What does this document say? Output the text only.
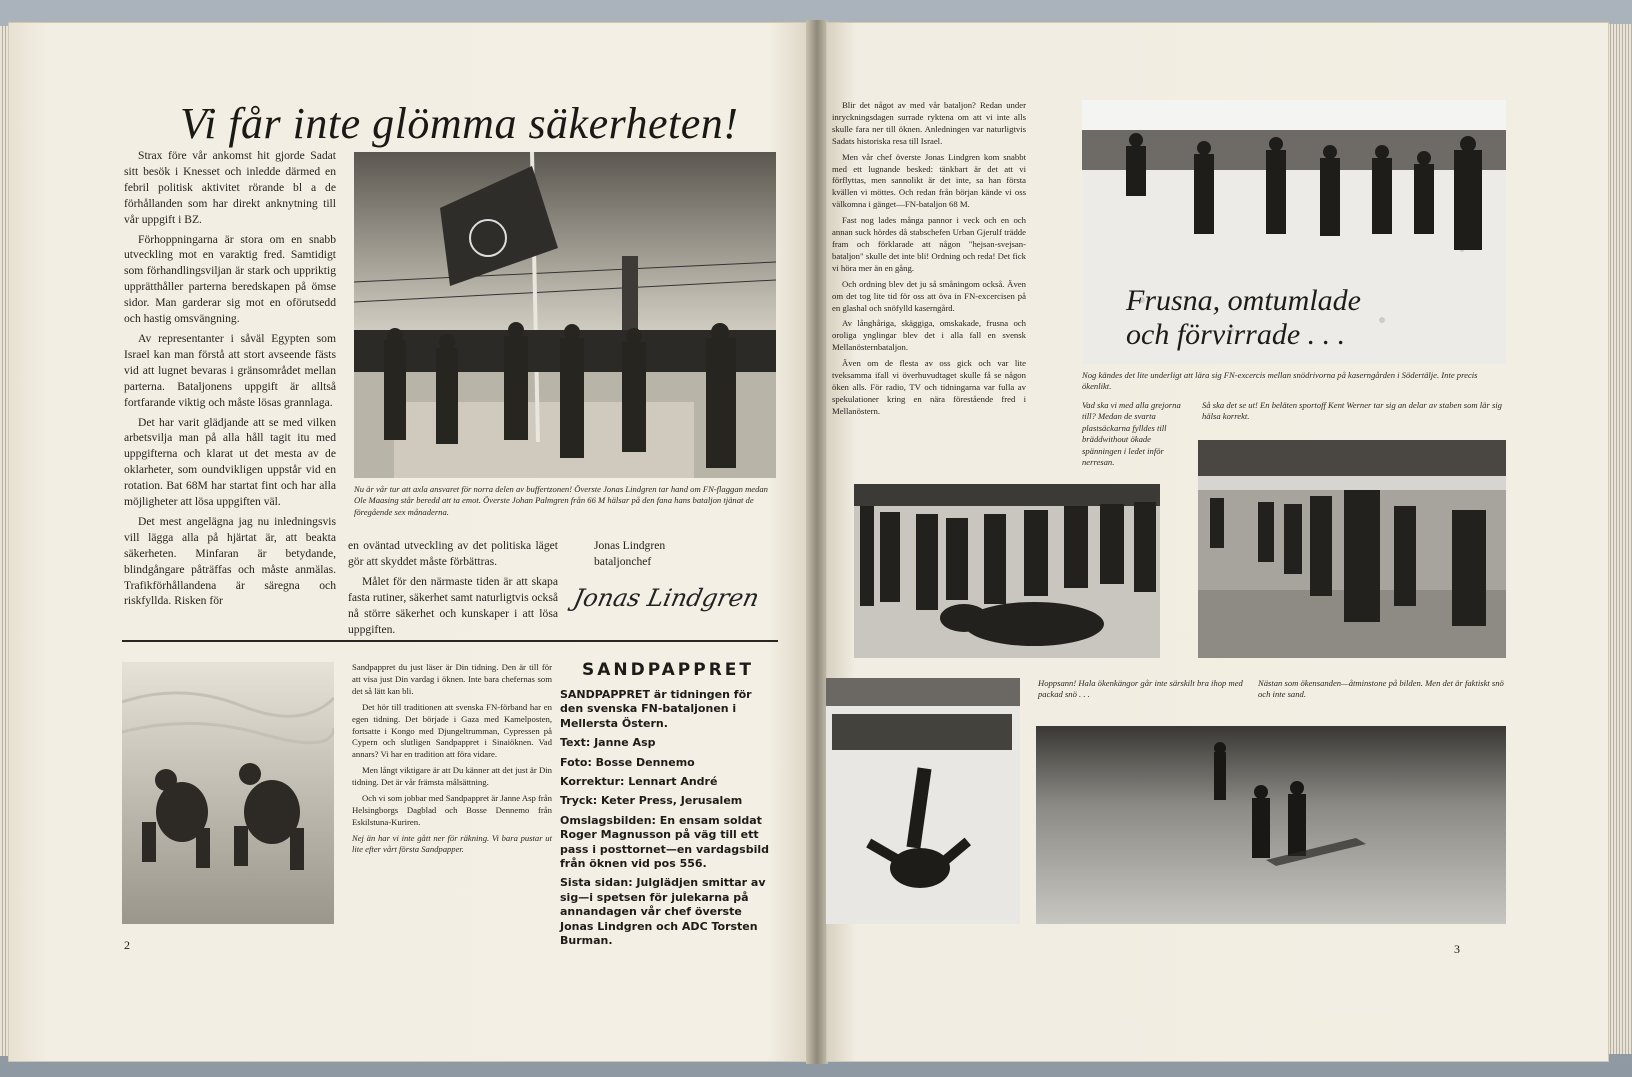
Vi får inte glömma säkerheten!

Strax före vår ankomst hit gjorde Sadat sitt besök i Knesset och inledde därmed en febril politisk aktivitet rörande bl a de förhållanden som har direkt anknytning till vår uppgift i BZ.

Förhoppningarna är stora om en snabb utveckling mot en varaktig fred. Samtidigt som förhandlingsviljan är stark och uppriktig upprätthåller parterna beredskapen på ömse sidor. Man garderar sig mot en oförutsedd och hastig omsvängning.

Av representanter i såväl Egypten som Israel kan man förstå att stort avseende fästs vid att lugnet bevaras i gränsområdet mellan parterna. Bataljonens uppgift är alltså fortfarande viktig och måste lösas grannlaga.

Det har varit glädjande att se med vilken arbetsvilja man på alla håll tagit itu med uppgifterna och klarat ut det mesta av de oklarheter, som oundvikligen uppstår vid en rotation. Bat 68M har startat fint och har alla möjligheter att lösa uppgiften väl.

Det mest angelägna jag nu inledningsvis vill lägga alla på hjärtat är, att beakta säkerheten. Minfaran är betydande, blindgångare påträffas och måste anmälas. Trafikförhållandena är säregna och riskfyllda. Risken för

Nu är vår tur att axla ansvaret för norra delen av buffertzonen! Överste Jonas Lindgren tar hand om FN-flaggan medan Ole Maasing står beredd att ta emot. Överste Johan Palmgren från 66 M hälsar på den fana hans bataljon tjänat de föregående sex månaderna.

en oväntad utveckling av det politiska läget gör att skyddet måste förbättras.

Målet för den närmaste tiden är att skapa fasta rutiner, säkerhet samt naturligtvis också nå större säkerhet och kunskaper i att lösa uppgiften.

Jonas Lindgren
bataljonchef
Jonas Lindgren

Sandpappret du just läser är Din tidning. Den är till för att visa just Din vardag i öknen. Inte bara chefernas som det så lätt kan bli.

Det hör till traditionen att svenska FN-förband har en egen tidning. Det började i Gaza med Kamelposten, fortsatte i Kongo med Djungeltrumman, Cypressen på Cypern och slutligen Sandpappret i Sinaiöknen. Vad annars? Vi har en tradition att föra vidare.

Men långt viktigare är att Du känner att det just är Din tidning. Det är vår främsta målsättning.

Och vi som jobbar med Sandpappret är Janne Asp från Helsingborgs Dagblad och Bosse Dennemo från Eskilstuna-Kuriren.

Nej än har vi inte gått ner för räkning. Vi bara pustar ut lite efter vårt första Sandpapper.
SANDPAPPRET
SANDPAPPRET är tidningen för den svenska FN-bataljonen i Mellersta Östern.
Text: Janne Asp
Foto: Bosse Dennemo
Korrektur: Lennart André
Tryck: Keter Press, Jerusalem
Omslagsbilden: En ensam soldat Roger Magnusson på väg till ett pass i posttornet—en vardagsbild från öknen vid pos 556.
Sista sidan: Julglädjen smittar av sig—i spetsen för julekarna på annandagen vår chef överste Jonas Lindgren och ADC Torsten Burman.
2

Blir det något av med vår bataljon? Redan under inryckningsdagen surrade ryktena om att vi inte alls skulle fara ner till öknen. Anledningen var naturligtvis Sadats historiska resa till Israel.

Men vår chef överste Jonas Lindgren kom snabbt med ett lugnande besked: tänkbart är det att vi förflyttas, men sannolikt är det inte, sa han första kvällen vi möttes. Och redan från början kände vi oss välkomna i gänget—FN-bataljon 68 M.

Fast nog lades många pannor i veck och en och annan suck hördes då stabschefen Urban Gjerulf trädde fram och förklarade att någon "hejsan-svejsan-bataljon" skulle det inte bli! Ordning och reda! Det fick vi höra mer än en gång.

Och ordning blev det ju så småningom också. Även om det tog lite tid för oss att öva in FN-excercisen på en glashal och snöfylld kaserngård.

Av långhåriga, skäggiga, omskakade, frusna och oroliga ynglingar blev det i alla fall en svensk Mellanösternbataljon.

Även om de flesta av oss gick och var lite tveksamma ifall vi överhuvudtaget skulle få se någon öken alls. För radio, TV och tidningarna var fulla av spekulationer kring en nära förestående fred i Mellanöstern.

Frusna, omtumlade
och förvirrade . . .
Nog kändes det lite underligt att lära sig FN-excercis mellan snödrivorna på kaserngården i Södertälje. Inte precis ökenlikt.
Vad ska vi med alla grejorna till? Medan de svarta plastsäckarna fylldes till bräddwithout ökade spänningen i ledet inför nerresan.
Så ska det se ut! En beläten sportoff Kent Werner tar sig an delar av staben som lär sig hälsa korrekt.
Hoppsann! Hala ökenkängor går inte särskilt bra ihop med packad snö . . .
Nästan som ökensanden—åtminstone på bilden. Men det är faktiskt snö och inte sand.
3
